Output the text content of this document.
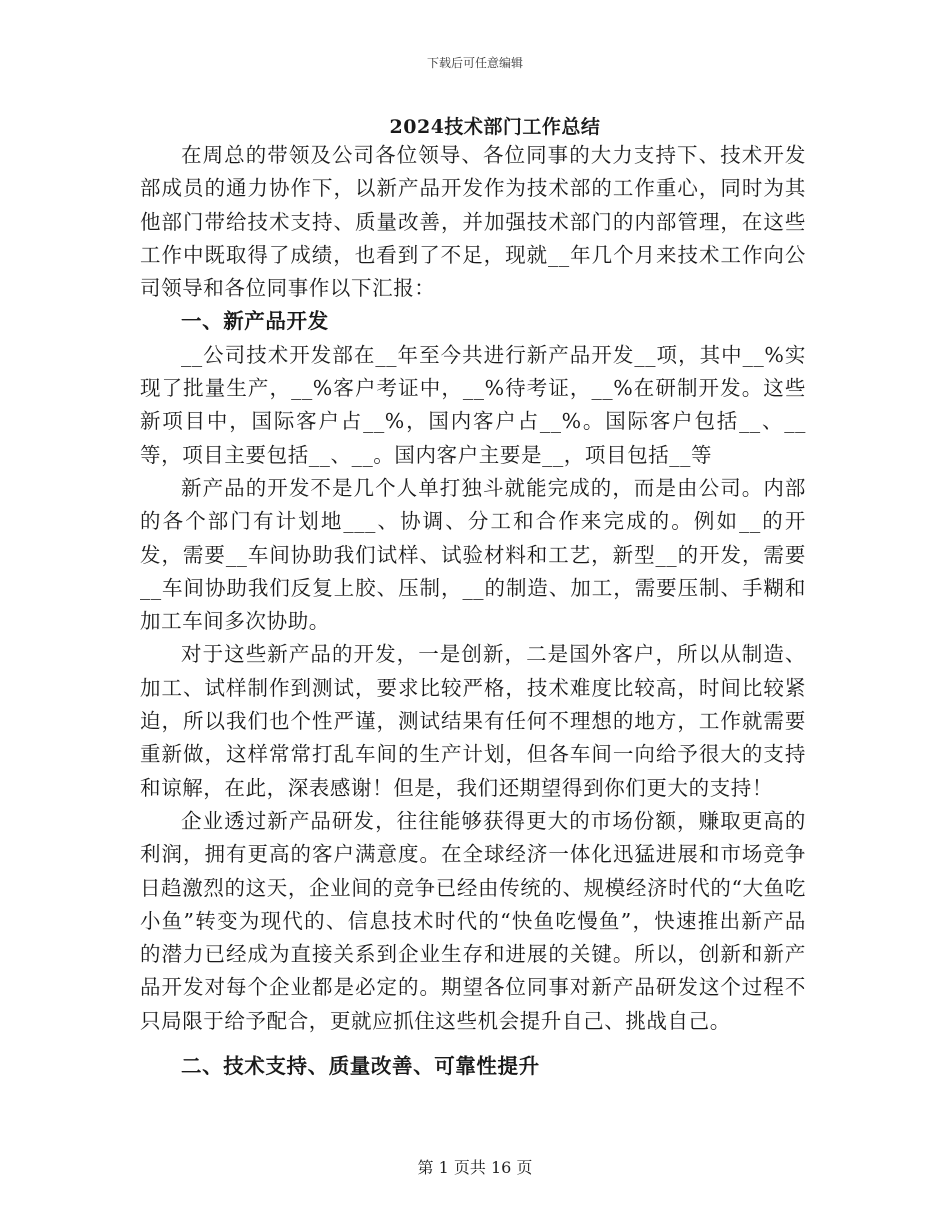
下载后可任意编辑
2024技术部门工作总结

在周总的带领及公司各位领导、各位同事的大力支持下、技术开发部成员的通力协作下，以新产品开发作为技术部的工作重心，同时为其他部门带给技术支持、质量改善，并加强技术部门的内部管理，在这些工作中既取得了成绩，也看到了不足，现就__年几个月来技术工作向公司领导和各位同事作以下汇报：

一、新产品开发

__公司技术开发部在__年至今共进行新产品开发__项，其中__%实现了批量生产，__%客户考证中，__%待考证，__%在研制开发。这些新项目中，国际客户占__%，国内客户占__%。国际客户包括__、__等，项目主要包括__、__。国内客户主要是__，项目包括__等

新产品的开发不是几个人单打独斗就能完成的，而是由公司。内部的各个部门有计划地___、协调、分工和合作来完成的。例如__的开发，需要__车间协助我们试样、试验材料和工艺，新型__的开发，需要__车间协助我们反复上胶、压制，__的制造、加工，需要压制、手糊和加工车间多次协助。

对于这些新产品的开发，一是创新，二是国外客户，所以从制造、加工、试样制作到测试，要求比较严格，技术难度比较高，时间比较紧迫，所以我们也个性严谨，测试结果有任何不理想的地方，工作就需要重新做，这样常常打乱车间的生产计划，但各车间一向给予很大的支持和谅解，在此，深表感谢！但是，我们还期望得到你们更大的支持！

企业透过新产品研发，往往能够获得更大的市场份额，赚取更高的利润，拥有更高的客户满意度。在全球经济一体化迅猛进展和市场竞争日趋激烈的这天，企业间的竞争已经由传统的、规模经济时代的“大鱼吃小鱼”转变为现代的、信息技术时代的“快鱼吃慢鱼”，快速推出新产品的潜力已经成为直接关系到企业生存和进展的关键。所以，创新和新产品开发对每个企业都是必定的。期望各位同事对新产品研发这个过程不只局限于给予配合，更就应抓住这些机会提升自己、挑战自己。

二、技术支持、质量改善、可靠性提升

第 1 页共 16 页
